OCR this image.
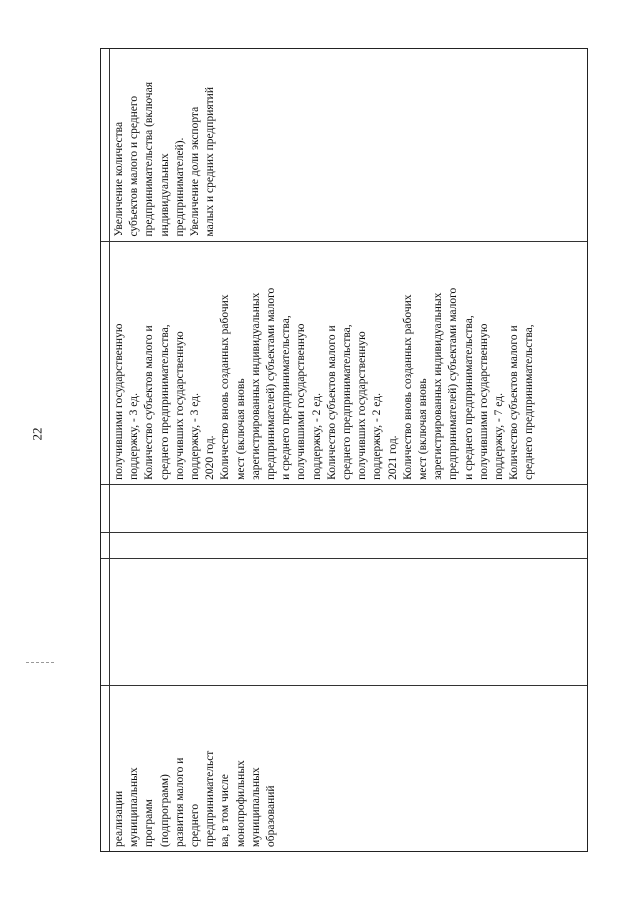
22

реализации
муниципальных
программ
(подпрограмм)
развития малого и
среднего
предпринимательст
ва, в том числе
монопрофильных
муниципальных
образований

получившими государственную
поддержку, - 3 ед.
Количество субъектов малого и
среднего предпринимательства,
получивших государственную
поддержку, - 3 ед.
2020 год.
Количество вновь созданных рабочих
мест (включая вновь
зарегистрированных индивидуальных
предпринимателей) субъектами малого
и среднего предпринимательства,
получившими государственную
поддержку, - 2 ед.
Количество субъектов малого и
среднего предпринимательства,
получивших государственную
поддержку, - 2 ед.
2021 год.
Количество вновь созданных рабочих
мест (включая вновь
зарегистрированных индивидуальных
предпринимателей) субъектами малого
и среднего предпринимательства,
получившими государственную
поддержку, - 7 ед.
Количество субъектов малого и
среднего предпринимательства,

Увеличение количества
субъектов малого и среднего
предпринимательства (включая
индивидуальных
предпринимателей).
Увеличение доли экспорта
малых и средних предприятий
